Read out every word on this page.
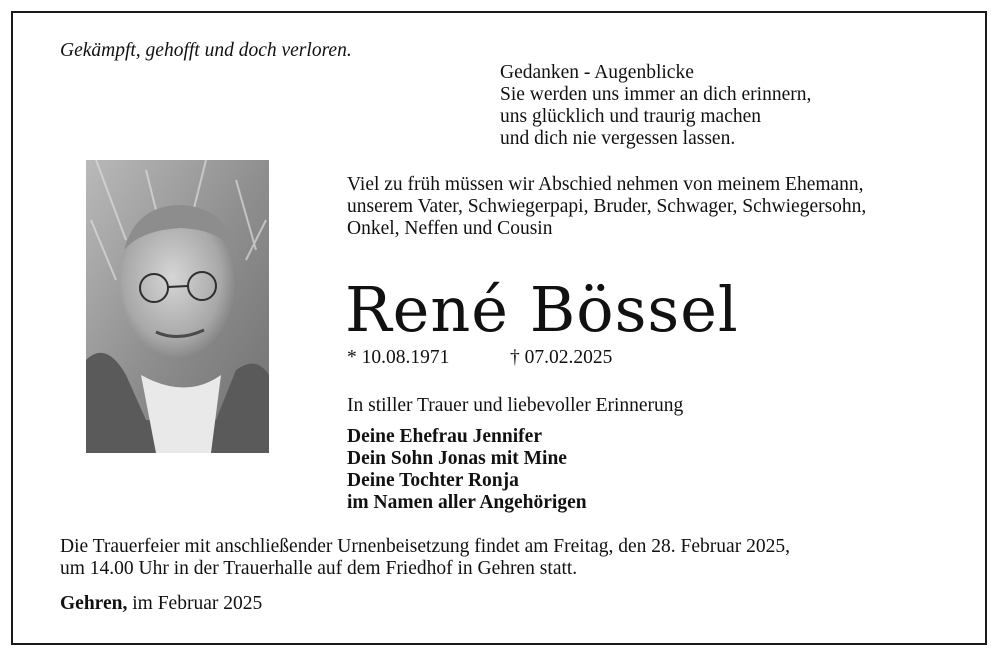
Gekämpft, gehofft und doch verloren.
Gedanken - Augenblicke
Sie werden uns immer an dich erinnern,
uns glücklich und traurig machen
und dich nie vergessen lassen.
Viel zu früh müssen wir Abschied nehmen von meinem Ehemann,
unserem Vater, Schwiegerpapi, Bruder, Schwager, Schwiegersohn,
Onkel, Neffen und Cousin
René Bössel
* 10.08.1971	† 07.02.2025
In stiller Trauer und liebevoller Erinnerung
Deine Ehefrau Jennifer
Dein Sohn Jonas mit Mine
Deine Tochter Ronja
im Namen aller Angehörigen
Die Trauerfeier mit anschließender Urnenbeisetzung findet am Freitag, den 28. Februar 2025,
um 14.00 Uhr in der Trauerhalle auf dem Friedhof in Gehren statt.
Gehren, im Februar 2025
